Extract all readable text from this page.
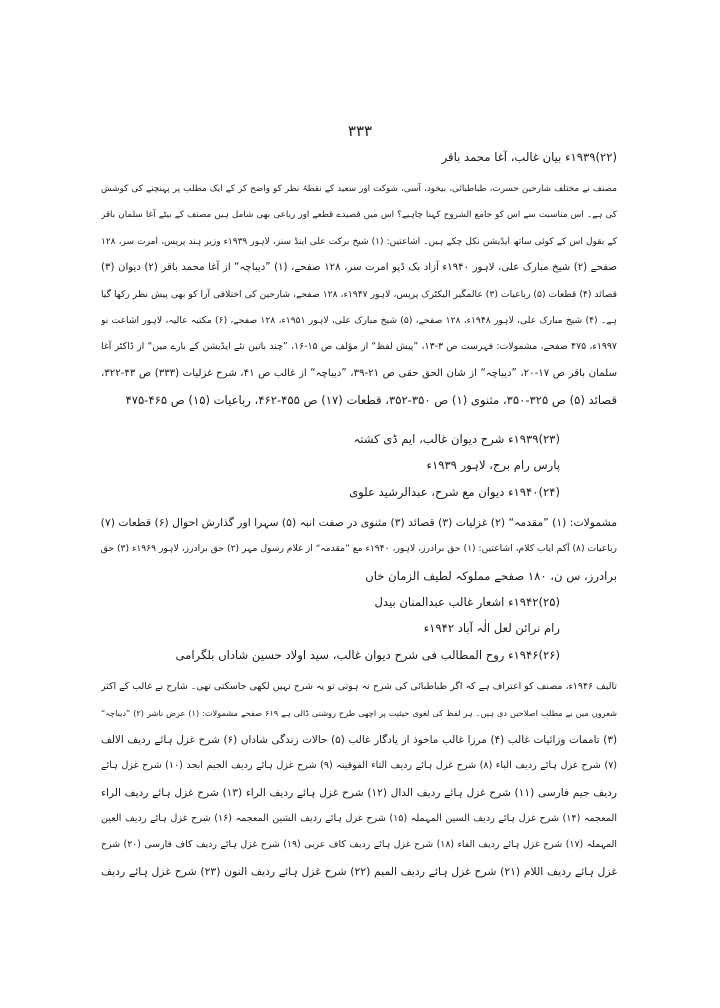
۳۳۳
(۲۲)۱۹۳۹ء بیان غالب، آغا محمد باقر
مصنف نے مختلف شارحین حسرت، طباطبائی، بیخود، آسی، شوکت اور سعید کے نقطۂ نظر کو واضح کر کے ایک مطلب پر پہنچنے کی کوشش
کی ہے۔ اس مناسبت سے اس کو جامع الشروح کہنا چاہیے؟ اس میں قصیدے قطعے اور رباعی بھی شامل ہیں مصنف کے بیٹے آغا سلمان باقر
کے بقول اس کے کوئی ساتھ ایڈیشن نکل چکے ہیں۔ اشاعتیں: (۱) شیخ برکت علی اینڈ سنز، لاہور ۱۹۳۹ء وزیر ہند پریس، امرت سر، ۱۲۸
صفحے (۲) شیخ مبارک علی، لاہور ۱۹۴۰ء آزاد بک ڈپو امرت سر، ۱۲۸ صفحے، (۱) ”دیباچہ“ از آغا محمد باقر (۲) دیوان (۳)
قصائد (۴) قطعات (۵) رباعیات (۳) عالمگیر الیکٹرک پریس، لاہور ۱۹۴۷ء، ۱۲۸ صفحے، شارحین کی اختلافی آرا کو بھی پیش نظر رکھا گیا
ہے۔ (۴) شیخ مبارک علی، لاہور ۱۹۴۸ء، ۱۲۸ صفحے، (۵) شیخ مبارک علی، لاہور ۱۹۵۱ء، ۱۲۸ صفحے، (۶) مکتبہ عالیہ، لاہور اشاعت نو
۱۹۹۷ء، ۴۷۵ صفحے، مشمولات: فہرست ص ۳-۱۳، ”پیش لفظ“ از مؤلف ص ۱۵-۱۶، ”چند باتیں نئے ایڈیشن کے بارے میں“ از ڈاکٹر آغا
سلمان باقر ص ۱۷-۲۰، ”دیباچہ“ از شان الحق حقی ص ۲۱-۳۹، ”دیباچہ“ از غالب ص ۴۱، شرح غزلیات (۳۳۳) ص ۴۳-۳۲۲،
قصائد (۵) ص ۳۲۵-۳۵۰، مثنوی (۱) ص ۳۵۰-۳۵۲، قطعات (۱۷) ص ۴۵۵-۴۶۲، رباعیات (۱۵) ص ۴۶۵-۴۷۵
(۲۳)۱۹۳۹ء شرح دیوان غالب، ایم ڈی کشتہ
پارس رام برج، لاہور ۱۹۳۹ء
(۲۴)۱۹۴۰ء دیوان مع شرح، عبدالرشید علوی
مشمولات: (۱) ”مقدمہ“ (۲) غزلیات (۳) قصائد (۳) مثنوی در صفت انبہ (۵) سہرا اور گذارش احوال (۶) قطعات (۷)
رباعیات (۸) آکم ایاب کلام، اشاعتیں: (۱) حق برادرز، لاہور، ۱۹۴۰ء مع ”مقدمہ“ از غلام رسول مہر (۲) حق برادرز، لاہور ۱۹۶۹ء (۳) حق
برادرز، س ن، ۱۸۰ صفحے مملوکہ لطیف الزمان خاں
(۲۵)۱۹۴۲ء اشعار غالب عبدالمنان بیدل
رام نرائن لعل الٰہ آباد ۱۹۴۲ء
(۲۶)۱۹۴۶ء روح المطالب فی شرح دیوان غالب، سید اولاد حسین شاداں بلگرامی
تالیف ۱۹۴۶ء، مصنف کو اعتراف ہے کہ اگر طباطبائی کی شرح نہ ہوتی تو یہ شرح نہیں لکھی جاسکتی تھی۔ شارح نے غالب کے اکثر
شعروں میں بے مطلب اصلاحیں دی ہیں۔ ہر لفظ کی لغوی حیثیت پر اچھی طرح روشنی ڈالی ہے ۶۱۹ صفحے مشمولات: (۱) عرض ناشر (۲) ”دیباچہ“
(۳) تاممات وزائیات غالب (۴) مرزا غالب ماخوذ از یادگار غالب (۵) حالات زندگی شاداں (۶) شرح غزل ہائے ردیف الالف
(۷) شرح غزل ہائے ردیف الباء (۸) شرح غزل ہائے ردیف التاء الفوقیتہ (۹) شرح غزل ہائے ردیف الجیم ابجد (۱۰) شرح غزل ہائے
ردیف جیم فارسی (۱۱) شرح غزل ہائے ردیف الدال (۱۲) شرح غزل ہائے ردیف الراء (۱۳) شرح غزل ہائے ردیف الراء
المعجمہ (۱۴) شرح غزل ہائے ردیف السین المہملہ (۱۵) شرح غزل ہائے ردیف الشین المعجمہ (۱۶) شرح غزل ہائے ردیف العین
المہملہ (۱۷) شرح غزل ہائے ردیف الفاء (۱۸) شرح غزل ہائے ردیف کاف عربی (۱۹) شرح غزل ہائے ردیف کاف فارسی (۲۰) شرح
غزل ہائے ردیف اللام (۲۱) شرح غزل ہائے ردیف المیم (۲۲) شرح غزل ہائے ردیف النون (۲۳) شرح غزل ہائے ردیف
